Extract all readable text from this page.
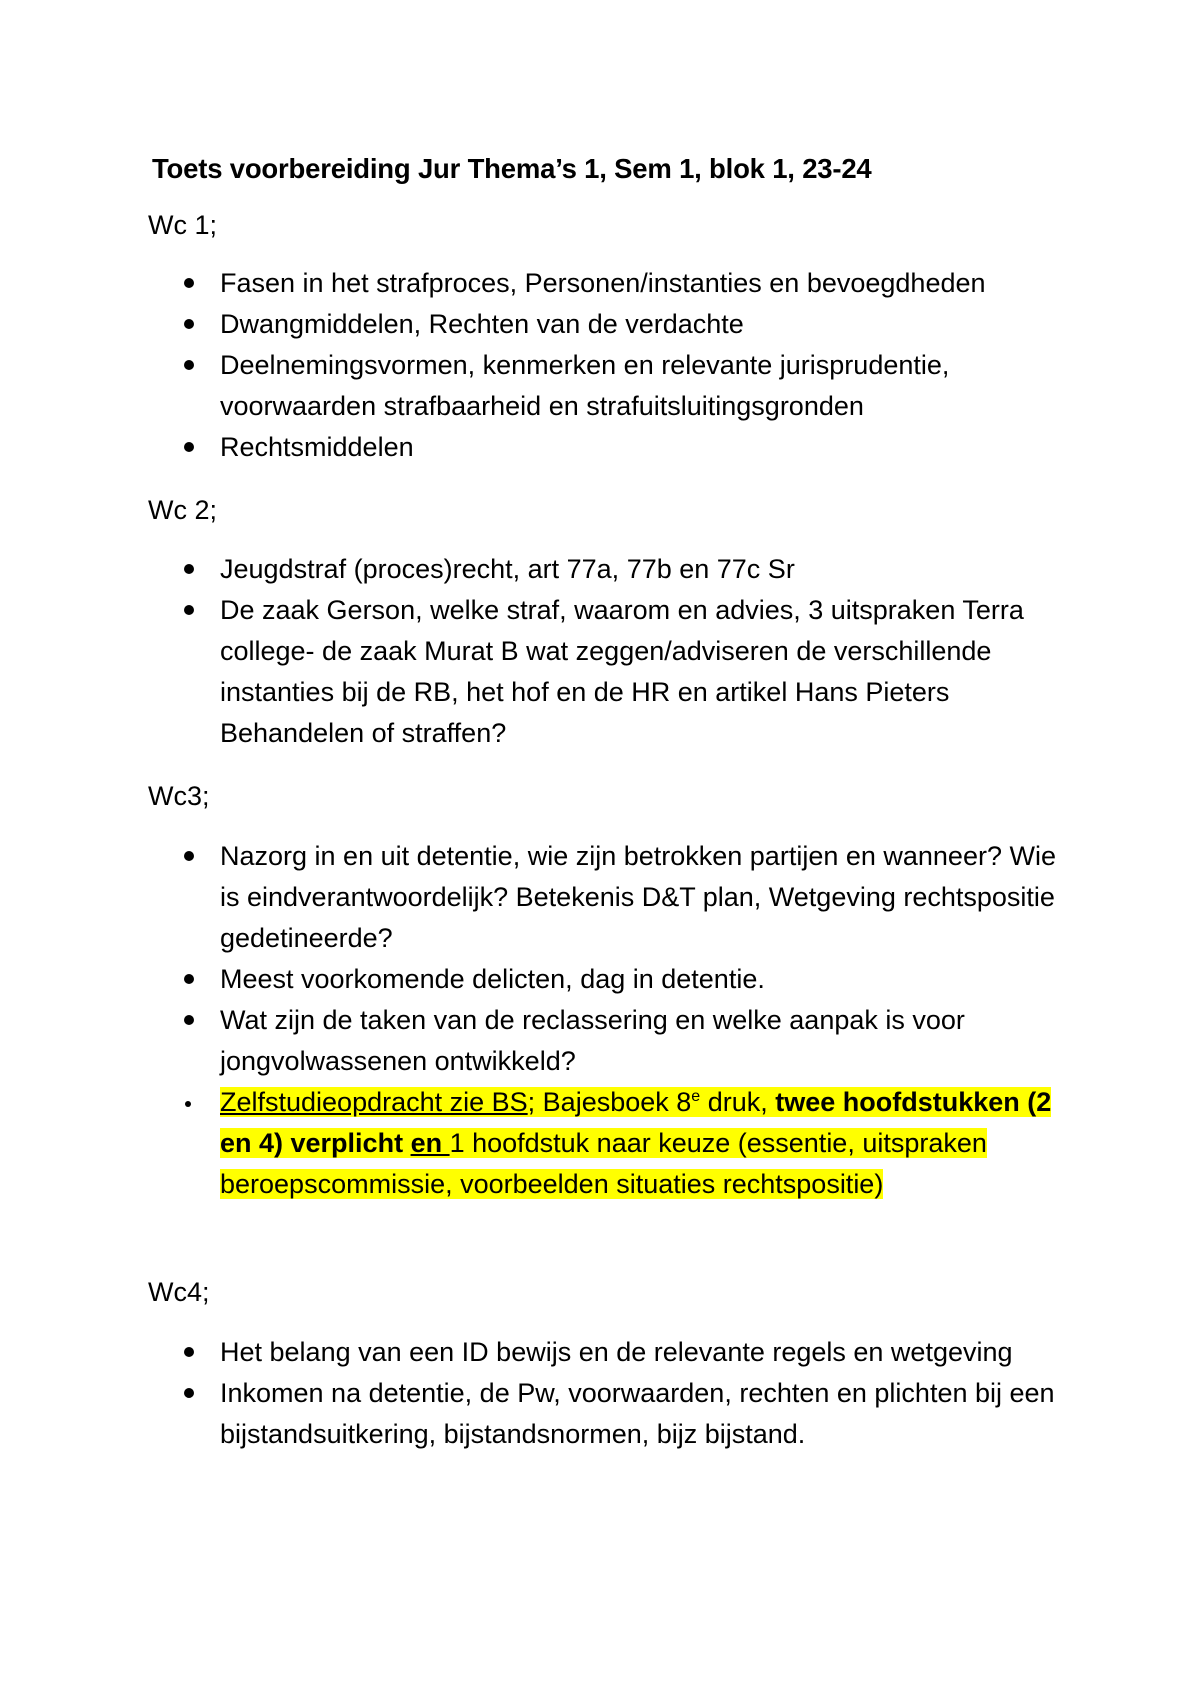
Toets voorbereiding Jur Thema’s 1, Sem 1, blok 1, 23-24
Wc 1;
Fasen in het strafproces, Personen/instanties en bevoegdheden
Dwangmiddelen, Rechten van de verdachte
Deelnemingsvormen, kenmerken en relevante jurisprudentie, voorwaarden strafbaarheid en strafuitsluitingsgronden
Rechtsmiddelen
Wc 2;
Jeugdstraf (proces)recht, art 77a, 77b en 77c Sr
De zaak Gerson, welke straf, waarom en advies, 3 uitspraken Terra college- de zaak Murat B wat zeggen/adviseren de verschillende instanties bij de RB, het hof en de HR en artikel Hans Pieters Behandelen of straffen?
Wc3;
Nazorg in en uit detentie, wie zijn betrokken partijen en wanneer? Wie is eindverantwoordelijk? Betekenis D&T plan, Wetgeving rechtspositie gedetineerde?
Meest voorkomende delicten, dag in detentie.
Wat zijn de taken van de reclassering en welke aanpak is voor jongvolwassenen ontwikkeld?
Zelfstudieopdracht zie BS; Bajesboek 8e druk, twee hoofdstukken (2 en 4) verplicht en 1 hoofdstuk naar keuze (essentie, uitspraken beroepscommissie, voorbeelden situaties rechtspositie)
Wc4;
Het belang van een ID bewijs en de relevante regels en wetgeving
Inkomen na detentie, de Pw, voorwaarden, rechten en plichten bij een bijstandsuitkering, bijstandsnormen, bijz bijstand.
